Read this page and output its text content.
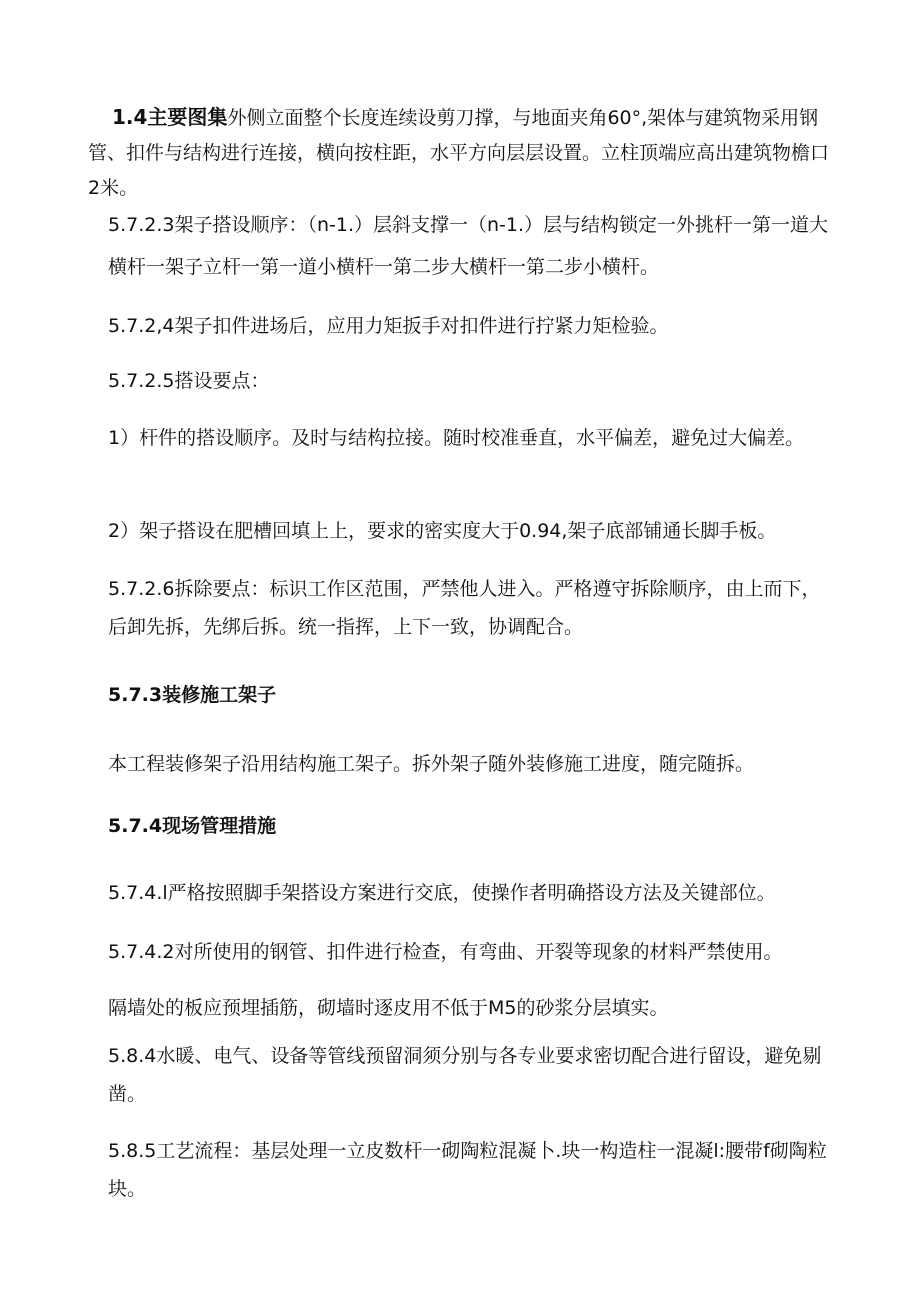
1.4主要图集外侧立面整个长度连续设剪刀撑，与地面夹角60°,架体与建筑物采用钢管、扣件与结构进行连接，横向按柱距，水平方向层层设置。立柱顶端应高出建筑物檐口2米。

5.7.2.3架子搭设顺序：（n-1.）层斜支撑一（n-1.）层与结构锁定一外挑杆一第一道大横杆一架子立杆一第一道小横杆一第二步大横杆一第二步小横杆。

5.7.2,4架子扣件进场后，应用力矩扳手对扣件进行拧紧力矩检验。

5.7.2.5搭设要点：

1）杆件的搭设顺序。及时与结构拉接。随时校准垂直，水平偏差，避免过大偏差。

2）架子搭设在肥槽回填上上，要求的密实度大于0.94,架子底部铺通长脚手板。

5.7.2.6拆除要点：标识工作区范围，严禁他人进入。严格遵守拆除顺序，由上而下，后卸先拆，先绑后拆。统一指挥，上下一致，协调配合。

5.7.3装修施工架子

本工程装修架子沿用结构施工架子。拆外架子随外装修施工进度，随完随拆。

5.7.4现场管理措施

5.7.4.l严格按照脚手架搭设方案进行交底，使操作者明确搭设方法及关键部位。

5.7.4.2对所使用的钢管、扣件进行检查，有弯曲、开裂等现象的材料严禁使用。

隔墙处的板应预埋插筋，砌墙时逐皮用不低于M5的砂浆分层填实。

5.8.4水暖、电气、设备等管线预留洞须分别与各专业要求密切配合进行留设，避免剔凿。

5.8.5工艺流程：基层处理一立皮数杆一砌陶粒混凝卜.块一构造柱一混凝l:腰带f砌陶粒块。
